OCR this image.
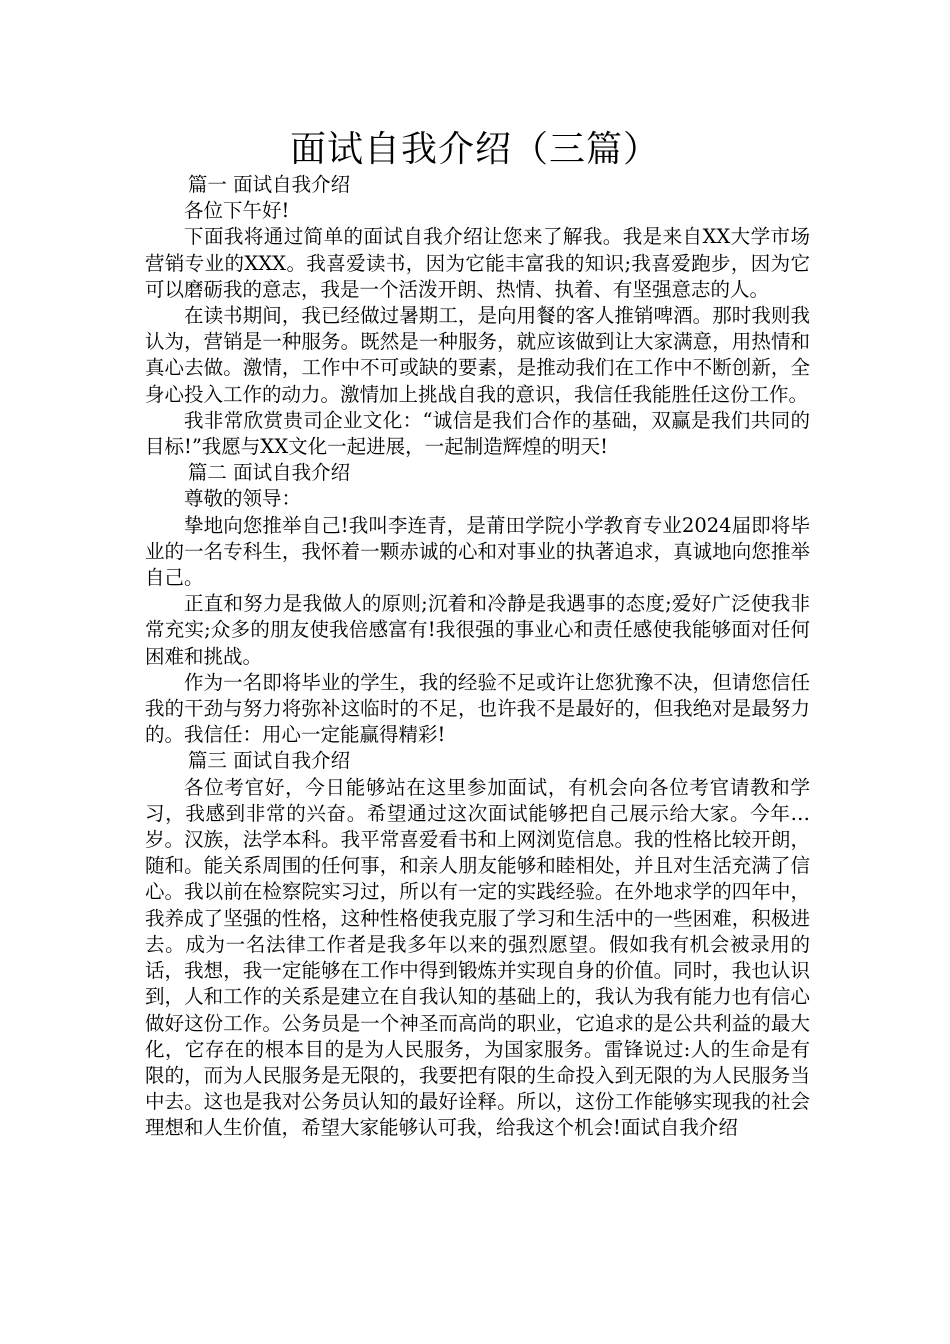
面试自我介绍（三篇）

篇一 面试自我介绍

各位下午好!

下面我将通过简单的面试自我介绍让您来了解我。我是来自XX大学市场营销专业的XXX。我喜爱读书，因为它能丰富我的知识;我喜爱跑步，因为它可以磨砺我的意志，我是一个活泼开朗、热情、执着、有坚强意志的人。

在读书期间，我已经做过暑期工，是向用餐的客人推销啤酒。那时我则我认为，营销是一种服务。既然是一种服务，就应该做到让大家满意，用热情和真心去做。激情，工作中不可或缺的要素，是推动我们在工作中不断创新，全身心投入工作的动力。激情加上挑战自我的意识，我信任我能胜任这份工作。

我非常欣赏贵司企业文化：“诚信是我们合作的基础，双赢是我们共同的目标!”我愿与XX文化一起进展，一起制造辉煌的明天!

篇二 面试自我介绍

尊敬的领导：

挚地向您推举自己!我叫李连青，是莆田学院小学教育专业2024届即将毕业的一名专科生，我怀着一颗赤诚的心和对事业的执著追求，真诚地向您推举自己。

正直和努力是我做人的原则;沉着和冷静是我遇事的态度;爱好广泛使我非常充实;众多的朋友使我倍感富有!我很强的事业心和责任感使我能够面对任何困难和挑战。

作为一名即将毕业的学生，我的经验不足或许让您犹豫不决，但请您信任我的干劲与努力将弥补这临时的不足，也许我不是最好的，但我绝对是最努力的。我信任：用心一定能赢得精彩!

篇三 面试自我介绍

各位考官好，今日能够站在这里参加面试，有机会向各位考官请教和学习，我感到非常的兴奋。希望通过这次面试能够把自己展示给大家。今年…岁。汉族，法学本科。我平常喜爱看书和上网浏览信息。我的性格比较开朗，随和。能关系周围的任何事，和亲人朋友能够和睦相处，并且对生活充满了信心。我以前在检察院实习过，所以有一定的实践经验。在外地求学的四年中，我养成了坚强的性格，这种性格使我克服了学习和生活中的一些困难，积极进去。成为一名法律工作者是我多年以来的强烈愿望。假如我有机会被录用的话，我想，我一定能够在工作中得到锻炼并实现自身的价值。同时，我也认识到，人和工作的关系是建立在自我认知的基础上的，我认为我有能力也有信心做好这份工作。公务员是一个神圣而高尚的职业，它追求的是公共利益的最大化，它存在的根本目的是为人民服务，为国家服务。雷锋说过:人的生命是有限的，而为人民服务是无限的，我要把有限的生命投入到无限的为人民服务当中去。这也是我对公务员认知的最好诠释。所以，这份工作能够实现我的社会理想和人生价值，希望大家能够认可我，给我这个机会!面试自我介绍
